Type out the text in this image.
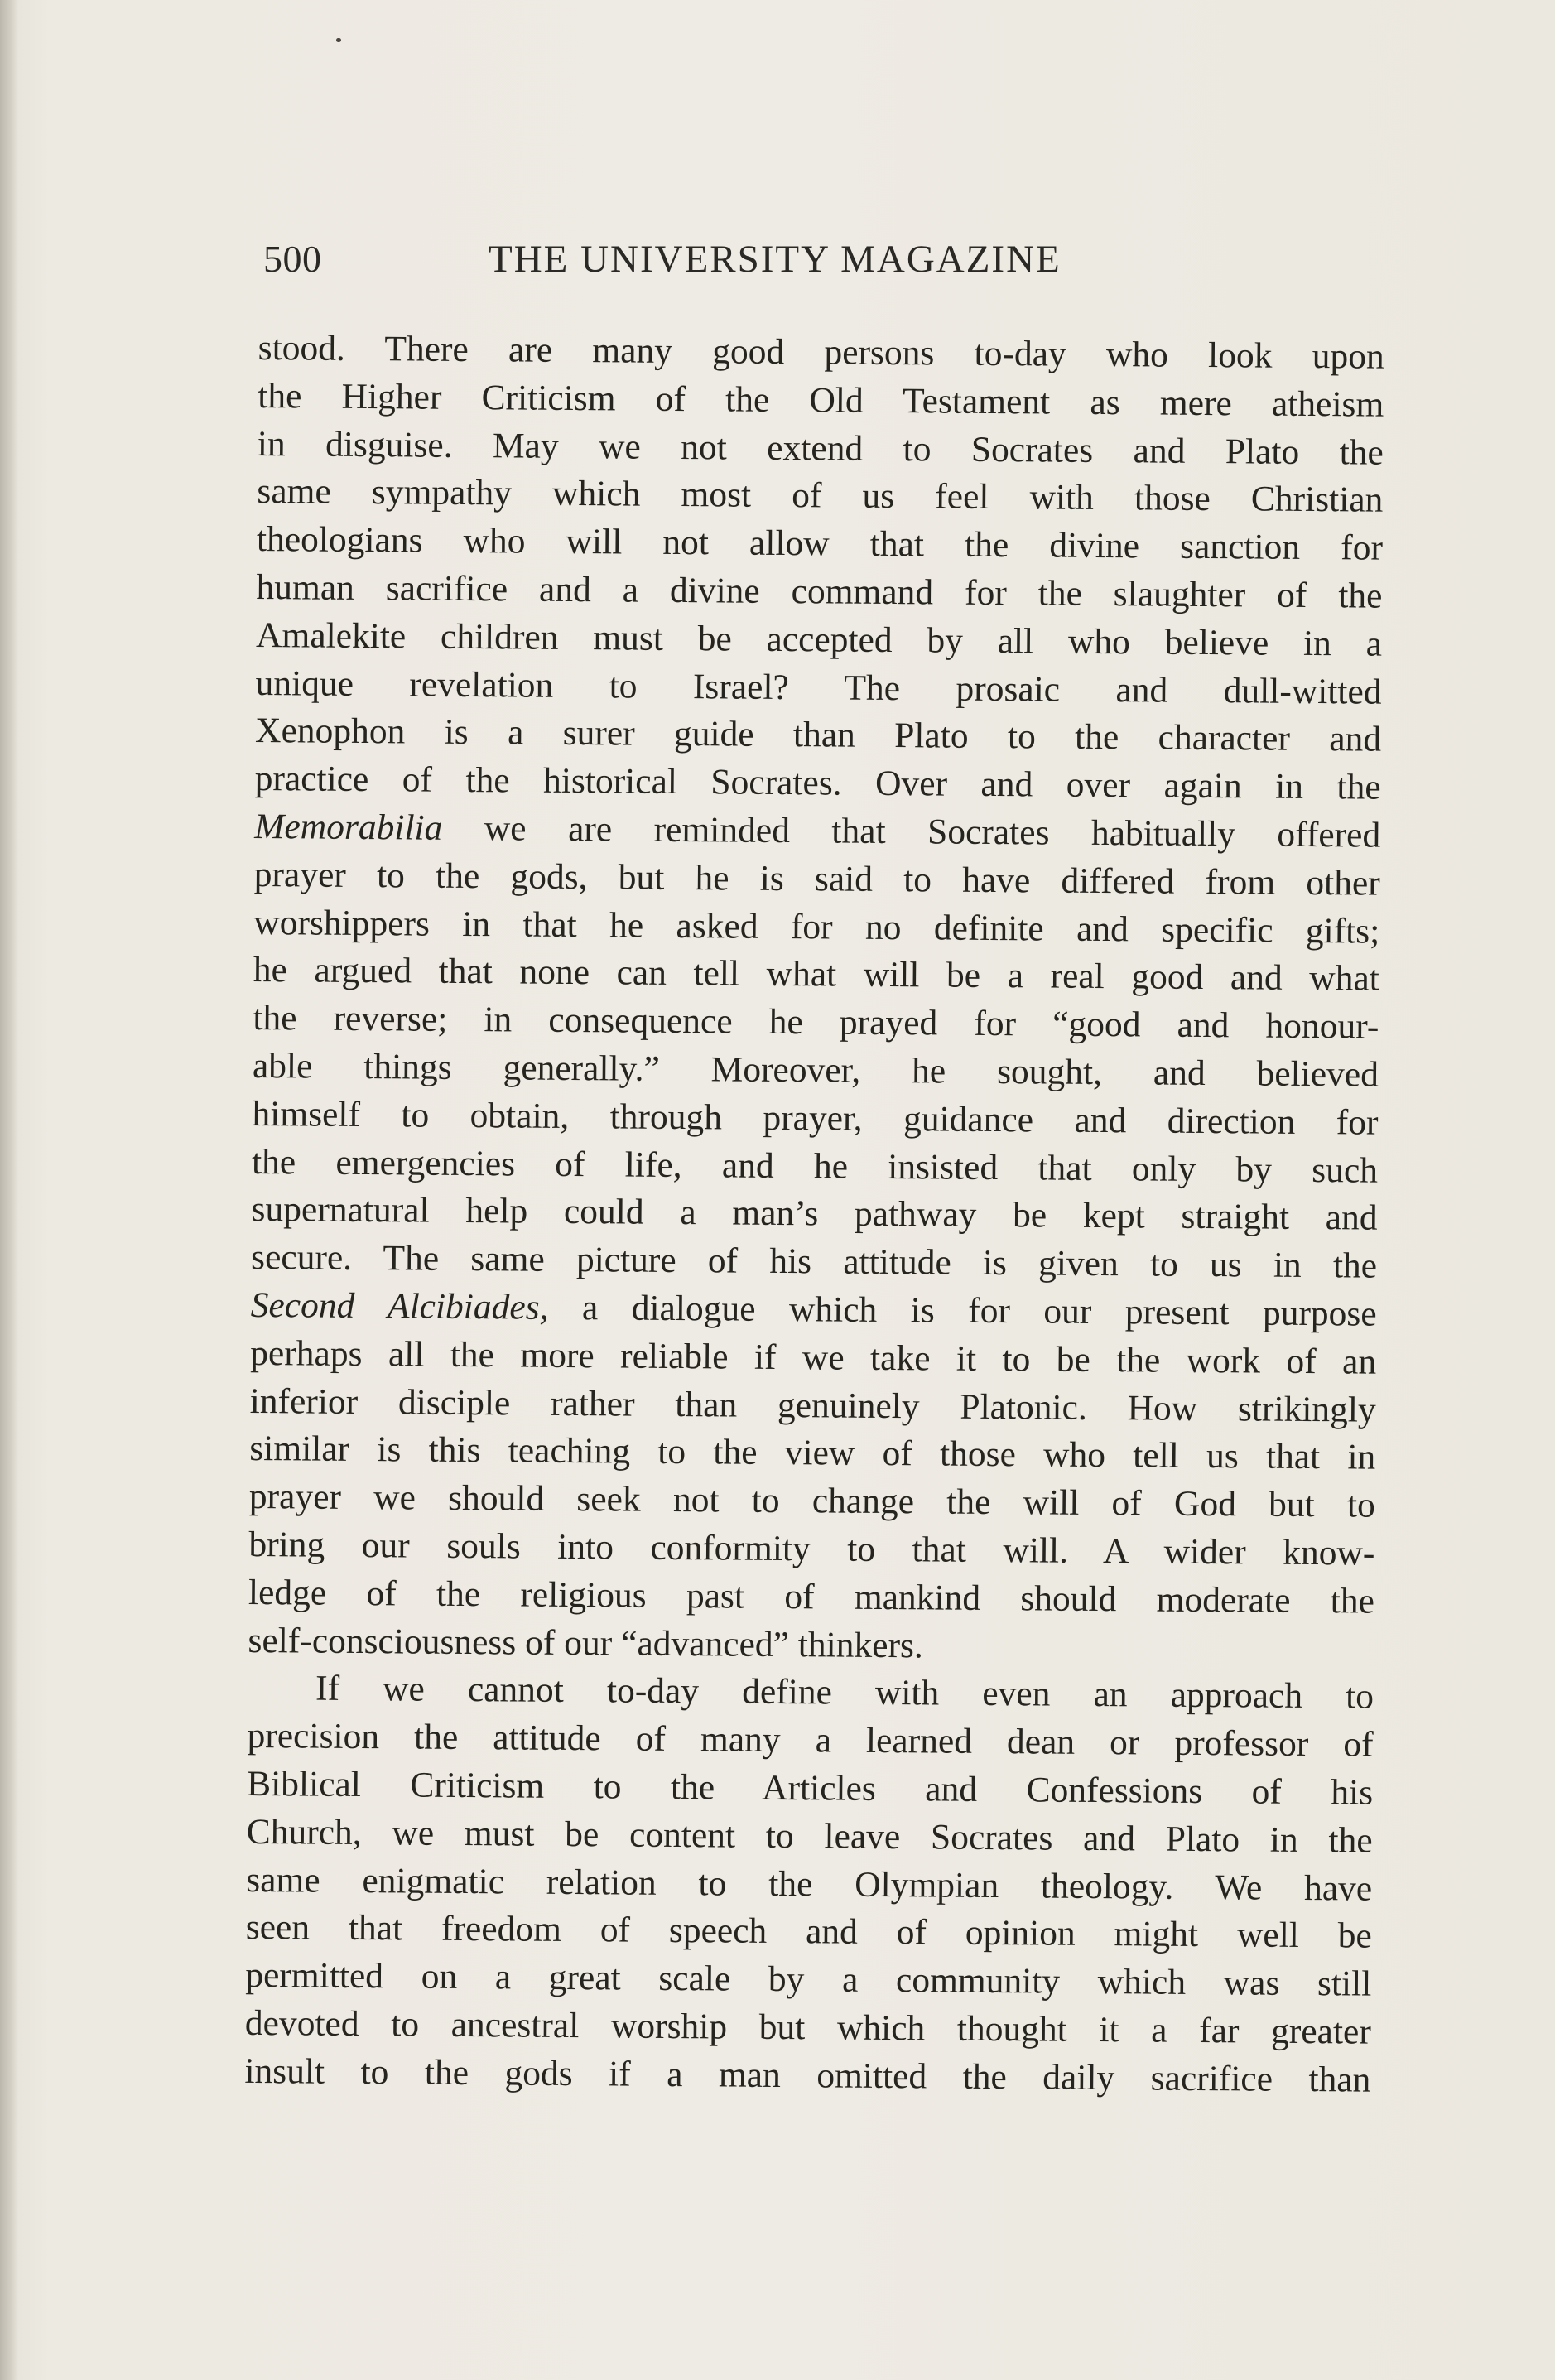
500	THE UNIVERSITY MAGAZINE
stood. There are many good persons to-day who look upon
the Higher Criticism of the Old Testament as mere atheism
in disguise. May we not extend to Socrates and Plato the
same sympathy which most of us feel with those Christian
theologians who will not allow that the divine sanction for
human sacrifice and a divine command for the slaughter of the
Amalekite children must be accepted by all who believe in a
unique revelation to Israel? The prosaic and dull-witted
Xenophon is a surer guide than Plato to the character and
practice of the historical Socrates. Over and over again in the
Memorabilia we are reminded that Socrates habitually offered
prayer to the gods, but he is said to have differed from other
worshippers in that he asked for no definite and specific gifts;
he argued that none can tell what will be a real good and what
the reverse; in consequence he prayed for “good and honour-
able things generally.” Moreover, he sought, and believed
himself to obtain, through prayer, guidance and direction for
the emergencies of life, and he insisted that only by such
supernatural help could a man’s pathway be kept straight and
secure. The same picture of his attitude is given to us in the
Second Alcibiades, a dialogue which is for our present purpose
perhaps all the more reliable if we take it to be the work of an
inferior disciple rather than genuinely Platonic. How strikingly
similar is this teaching to the view of those who tell us that in
prayer we should seek not to change the will of God but to
bring our souls into conformity to that will. A wider know-
ledge of the religious past of mankind should moderate the
self-consciousness of our “advanced” thinkers.
If we cannot to-day define with even an approach to
precision the attitude of many a learned dean or professor of
Biblical Criticism to the Articles and Confessions of his
Church, we must be content to leave Socrates and Plato in the
same enigmatic relation to the Olympian theology. We have
seen that freedom of speech and of opinion might well be
permitted on a great scale by a community which was still
devoted to ancestral worship but which thought it a far greater
insult to the gods if a man omitted the daily sacrifice than
